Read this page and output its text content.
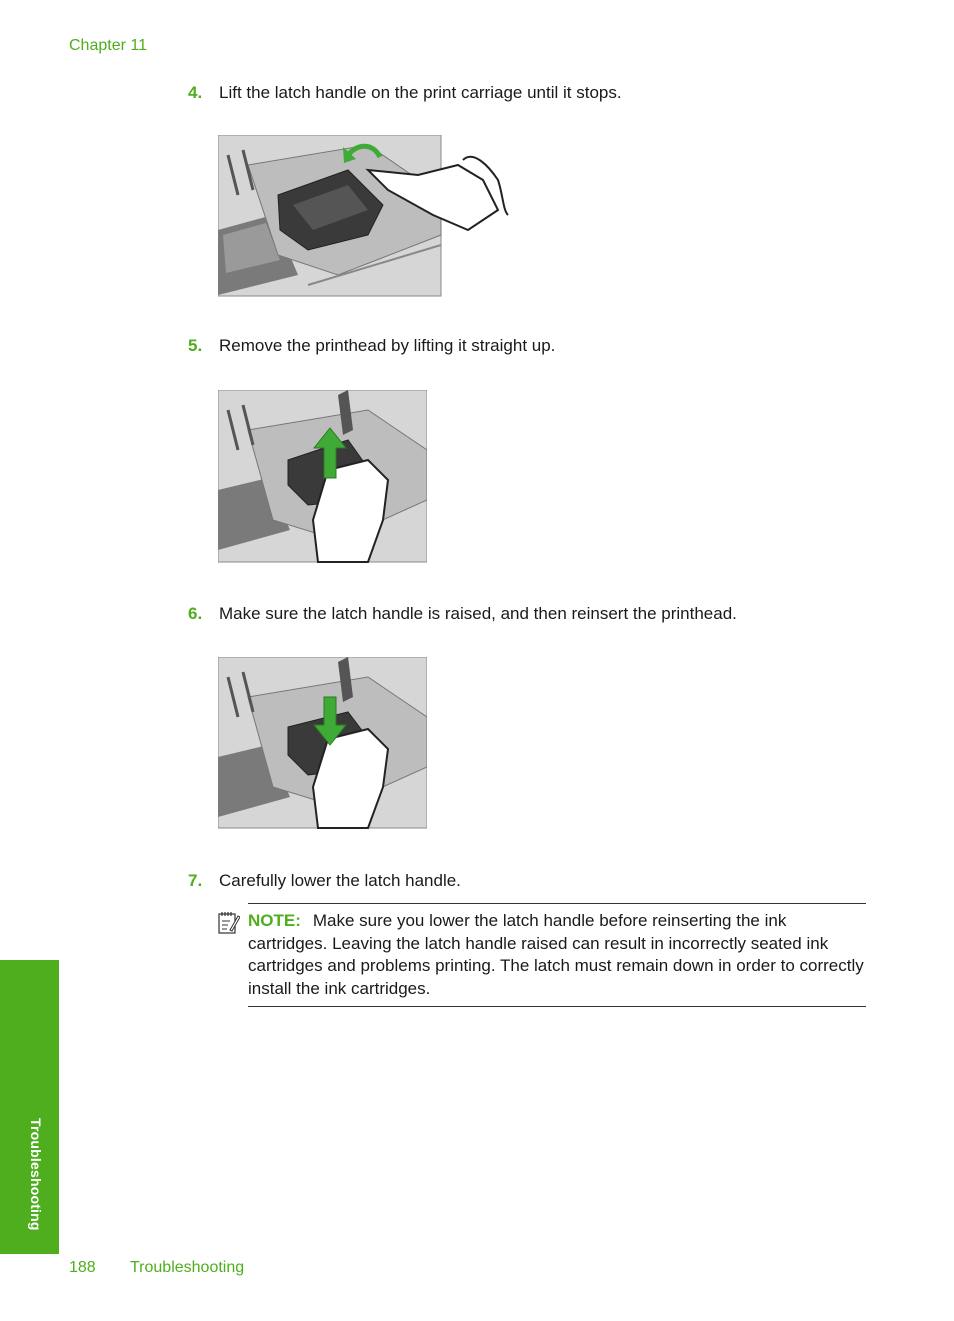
Chapter 11
4. Lift the latch handle on the print carriage until it stops.
5. Remove the printhead by lifting it straight up.
6. Make sure the latch handle is raised, and then reinsert the printhead.
7. Carefully lower the latch handle.
NOTE: Make sure you lower the latch handle before reinserting the ink cartridges. Leaving the latch handle raised can result in incorrectly seated ink cartridges and problems printing. The latch must remain down in order to correctly install the ink cartridges.
Troubleshooting
188 Troubleshooting
